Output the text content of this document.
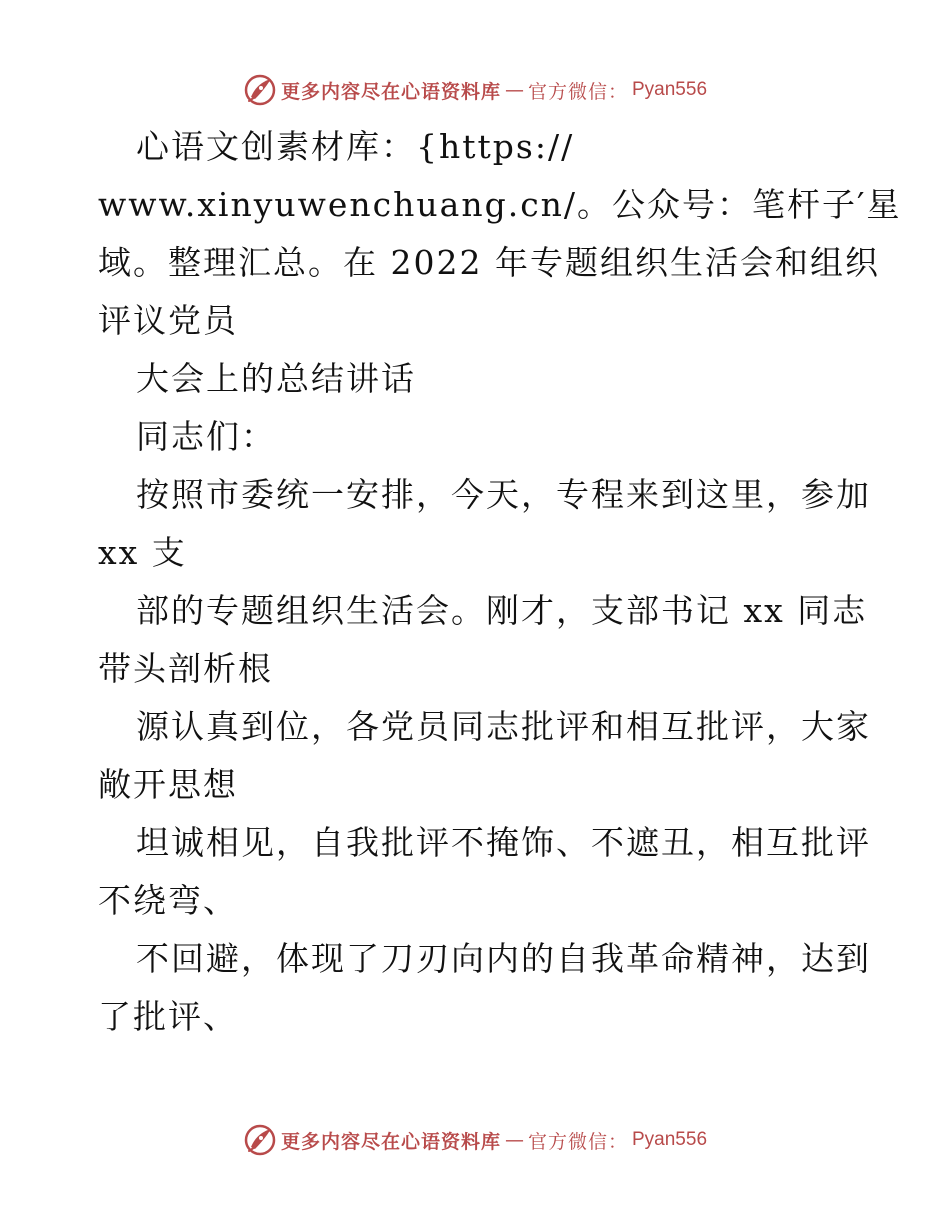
更多内容尽在心语资料库 — 官方微信： Pyan556
心语文创素材库：{https://
www.xinyuwenchuang.cn/。公众号：笔杆子′星
域。整理汇总。在 2022 年专题组织生活会和组织
评议党员
大会上的总结讲话
同志们：
按照市委统一安排，今天，专程来到这里，参加
xx 支
部的专题组织生活会。刚才，支部书记 xx 同志
带头剖析根
源认真到位，各党员同志批评和相互批评，大家
敞开思想
坦诚相见，自我批评不掩饰、不遮丑，相互批评
不绕弯、
不回避，体现了刀刃向内的自我革命精神，达到
了批评、
更多内容尽在心语资料库 — 官方微信： Pyan556
